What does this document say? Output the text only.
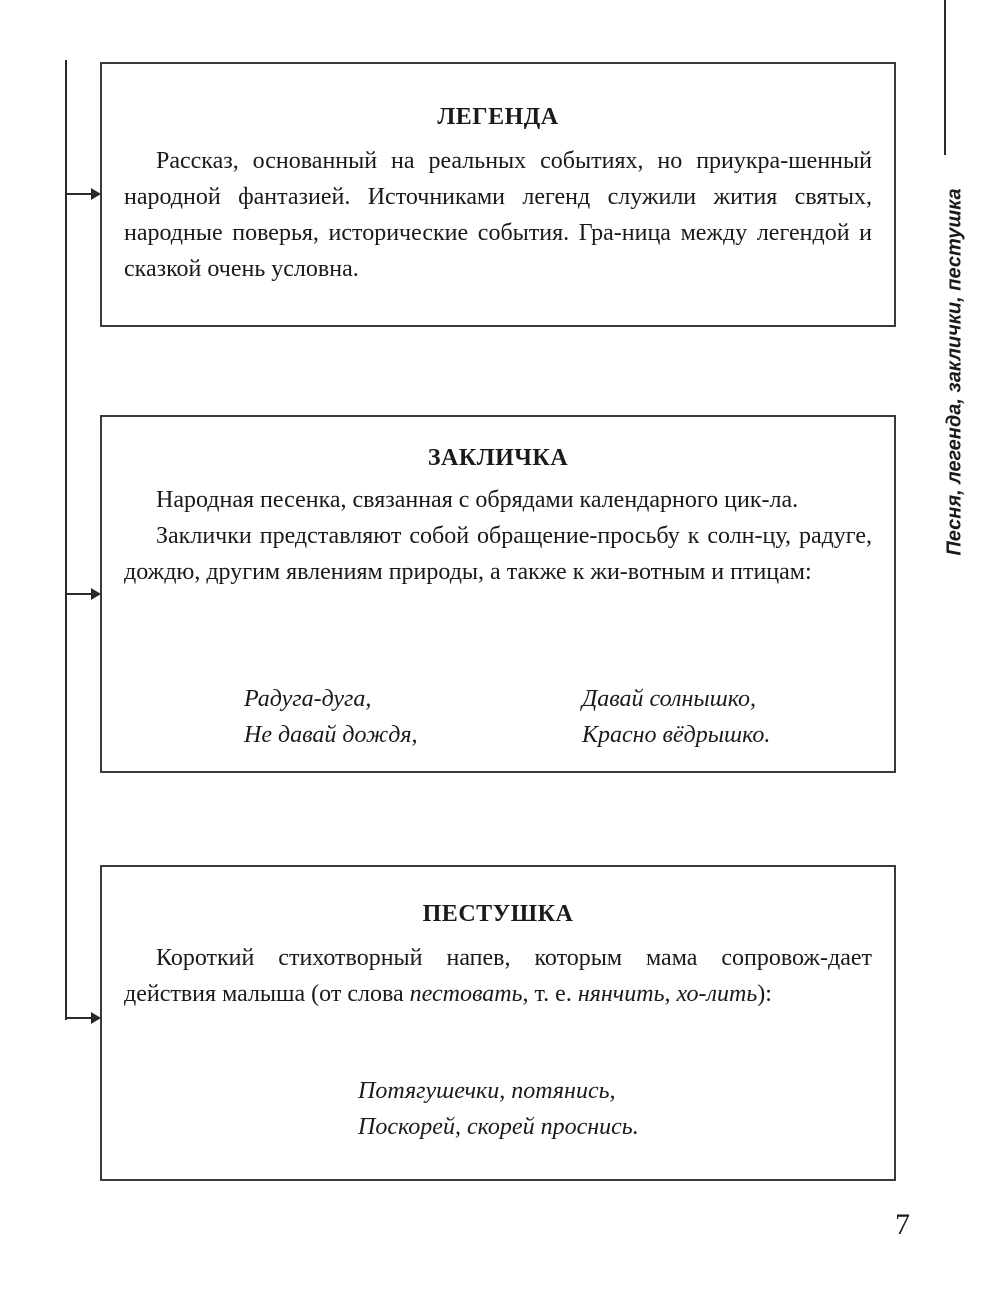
Песня, легенда, заклички, пестушка

ЛЕГЕНДА

Рассказ, основанный на реальных событиях, но приукра-шенный народной фантазией. Источниками легенд служили жития святых, народные поверья, исторические события. Гра-ница между легендой и сказкой очень условна.

ЗАКЛИЧКА

Народная песенка, связанная с обрядами календарного цик-ла.

Заклички представляют собой обращение-просьбу к солн-цу, радуге, дождю, другим явлениям природы, а также к жи-вотным и птицам:

Радуга-дуга,
Не давай дождя,
Давай солнышко,
Красно вёдрышко.

ПЕСТУШКА

Короткий стихотворный напев, которым мама сопровож-дает действия малыша (от слова пестовать, т. е. нянчить, хо-лить):

Потягушечки, потянись,
Поскорей, скорей проснись.
7
